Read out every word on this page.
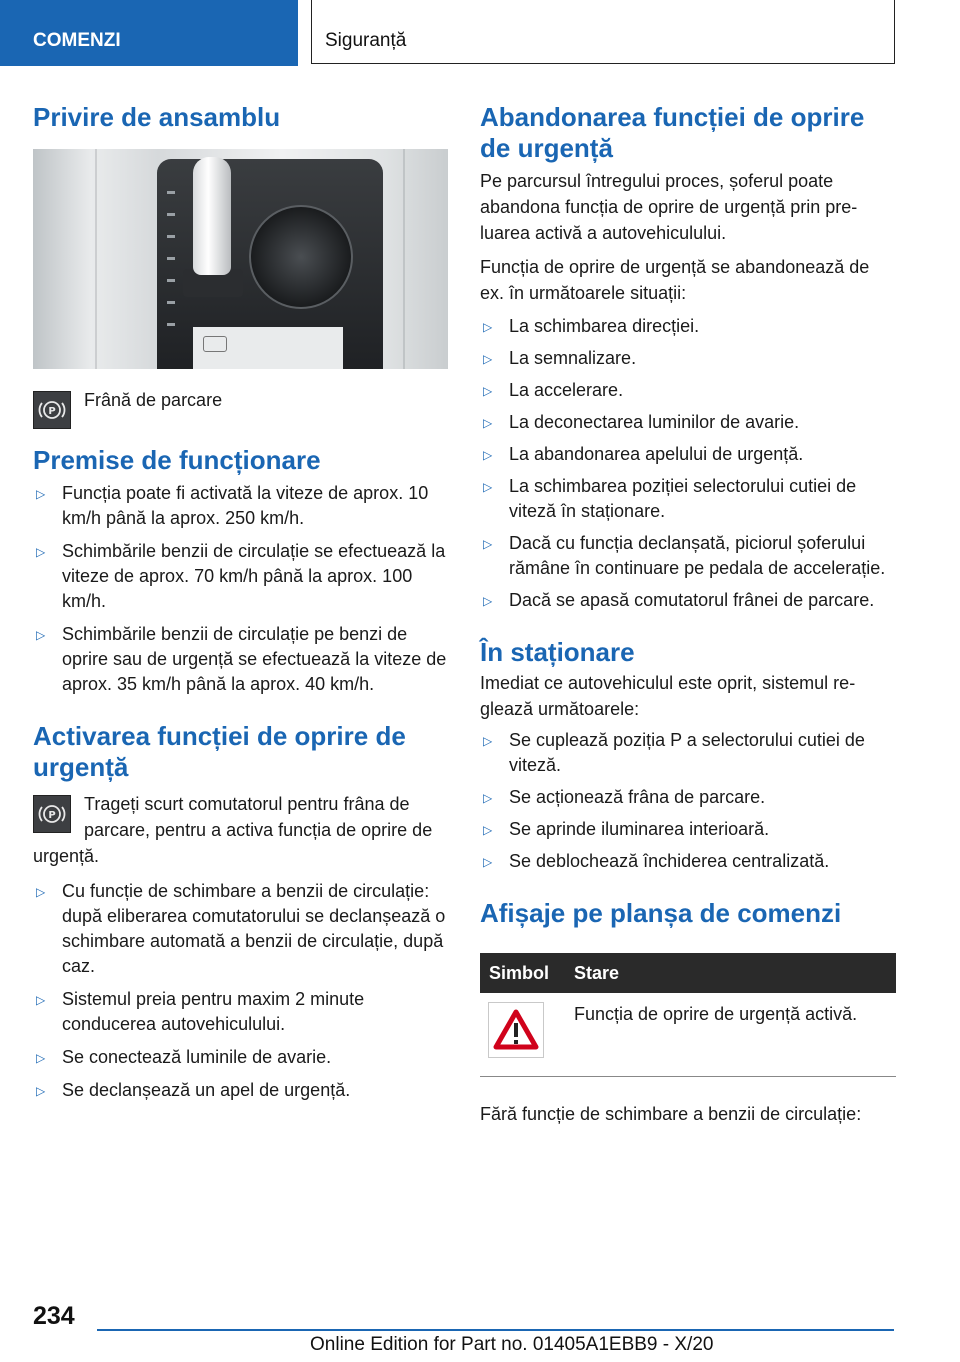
COMENZI	Siguranță
Privire de ansamblu
P

Frână de parcare

Premise de funcționare
▷ Funcția poate fi activată la viteze de aprox. 10 km/h până la aprox. 250 km/h.
▷ Schimbările benzii de circulație se efectuează la viteze de aprox. 70 km/h până la aprox. 100 km/h.
▷ Schimbările benzii de circulație pe benzi de oprire sau de urgență se efectuează la viteze de aprox. 35 km/h până la aprox. 40 km/h.
Activarea funcției de oprire de urgență
P

Trageți scurt comutatorul pentru frâna de parcare, pentru a activa funcția de oprire de urgență.

▷ Cu funcție de schimbare a benzii de circulație: după eliberarea comutatorului se declanșează o schimbare automată a benzii de circulație, după caz.
▷ Sistemul preia pentru maxim 2 minute conducerea autovehiculului.
▷ Se conectează luminile de avarie.
▷ Se declanșează un apel de urgență.
Abandonarea funcției de oprire de urgență

Pe parcursul întregului proces, șoferul poate abandona funcția de oprire de urgență prin preluarea activă a autovehiculului.

Funcția de oprire de urgență se abandonează de ex. în următoarele situații:

▷ La schimbarea direcției.
▷ La semnalizare.
▷ La accelerare.
▷ La deconectarea luminilor de avarie.
▷ La abandonarea apelului de urgență.
▷ La schimbarea poziției selectorului cutiei de viteză în staționare.
▷ Dacă cu funcția declanșată, piciorul șoferului rămâne în continuare pe pedala de accelerație.
▷ Dacă se apasă comutatorul frânei de parcare.
În staționare

Imediat ce autovehiculul este oprit, sistemul reglează următoarele:

▷ Se cuplează poziția P a selectorului cutiei de viteză.
▷ Se acționează frâna de parcare.
▷ Se aprinde iluminarea interioară.
▷ Se deblochează închiderea centralizată.
Afișaje pe planșa de comenzi
Simbol	Stare

	Funcția de oprire de urgență activă.

Fără funcție de schimbare a benzii de circulație:

234
Online Edition for Part no. 01405A1EBB9 - X/20
